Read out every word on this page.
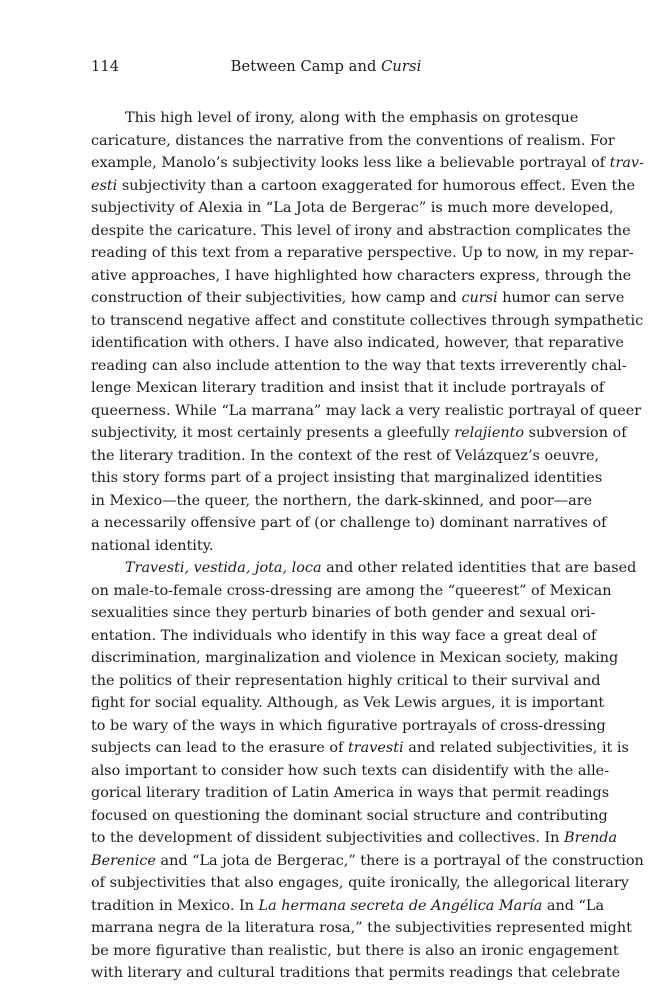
114	Between Camp and Cursi
This high level of irony, along with the emphasis on grotesque
caricature, distances the narrative from the conventions of realism. For
example, Manolo’s subjectivity looks less like a believable portrayal of trav-
esti subjectivity than a cartoon exaggerated for humorous effect. Even the
subjectivity of Alexia in “La Jota de Bergerac” is much more developed,
despite the caricature. This level of irony and abstraction complicates the
reading of this text from a reparative perspective. Up to now, in my repar-
ative approaches, I have highlighted how characters express, through the
construction of their subjectivities, how camp and cursi humor can serve
to transcend negative affect and constitute collectives through sympathetic
identification with others. I have also indicated, however, that reparative
reading can also include attention to the way that texts irreverently chal-
lenge Mexican literary tradition and insist that it include portrayals of
queerness. While “La marrana” may lack a very realistic portrayal of queer
subjectivity, it most certainly presents a gleefully relajiento subversion of
the literary tradition. In the context of the rest of Velázquez’s oeuvre,
this story forms part of a project insisting that marginalized identities
in Mexico—the queer, the northern, the dark-skinned, and poor—are
a necessarily offensive part of (or challenge to) dominant narratives of
national identity.
Travesti, vestida, jota, loca and other related identities that are based
on male-to-female cross-dressing are among the “queerest” of Mexican
sexualities since they perturb binaries of both gender and sexual ori-
entation. The individuals who identify in this way face a great deal of
discrimination, marginalization and violence in Mexican society, making
the politics of their representation highly critical to their survival and
fight for social equality. Although, as Vek Lewis argues, it is important
to be wary of the ways in which figurative portrayals of cross-dressing
subjects can lead to the erasure of travesti and related subjectivities, it is
also important to consider how such texts can disidentify with the alle-
gorical literary tradition of Latin America in ways that permit readings
focused on questioning the dominant social structure and contributing
to the development of dissident subjectivities and collectives. In Brenda
Berenice and “La jota de Bergerac,” there is a portrayal of the construction
of subjectivities that also engages, quite ironically, the allegorical literary
tradition in Mexico. In La hermana secreta de Angélica María and “La
marrana negra de la literatura rosa,” the subjectivities represented might
be more figurative than realistic, but there is also an ironic engagement
with literary and cultural traditions that permits readings that celebrate
